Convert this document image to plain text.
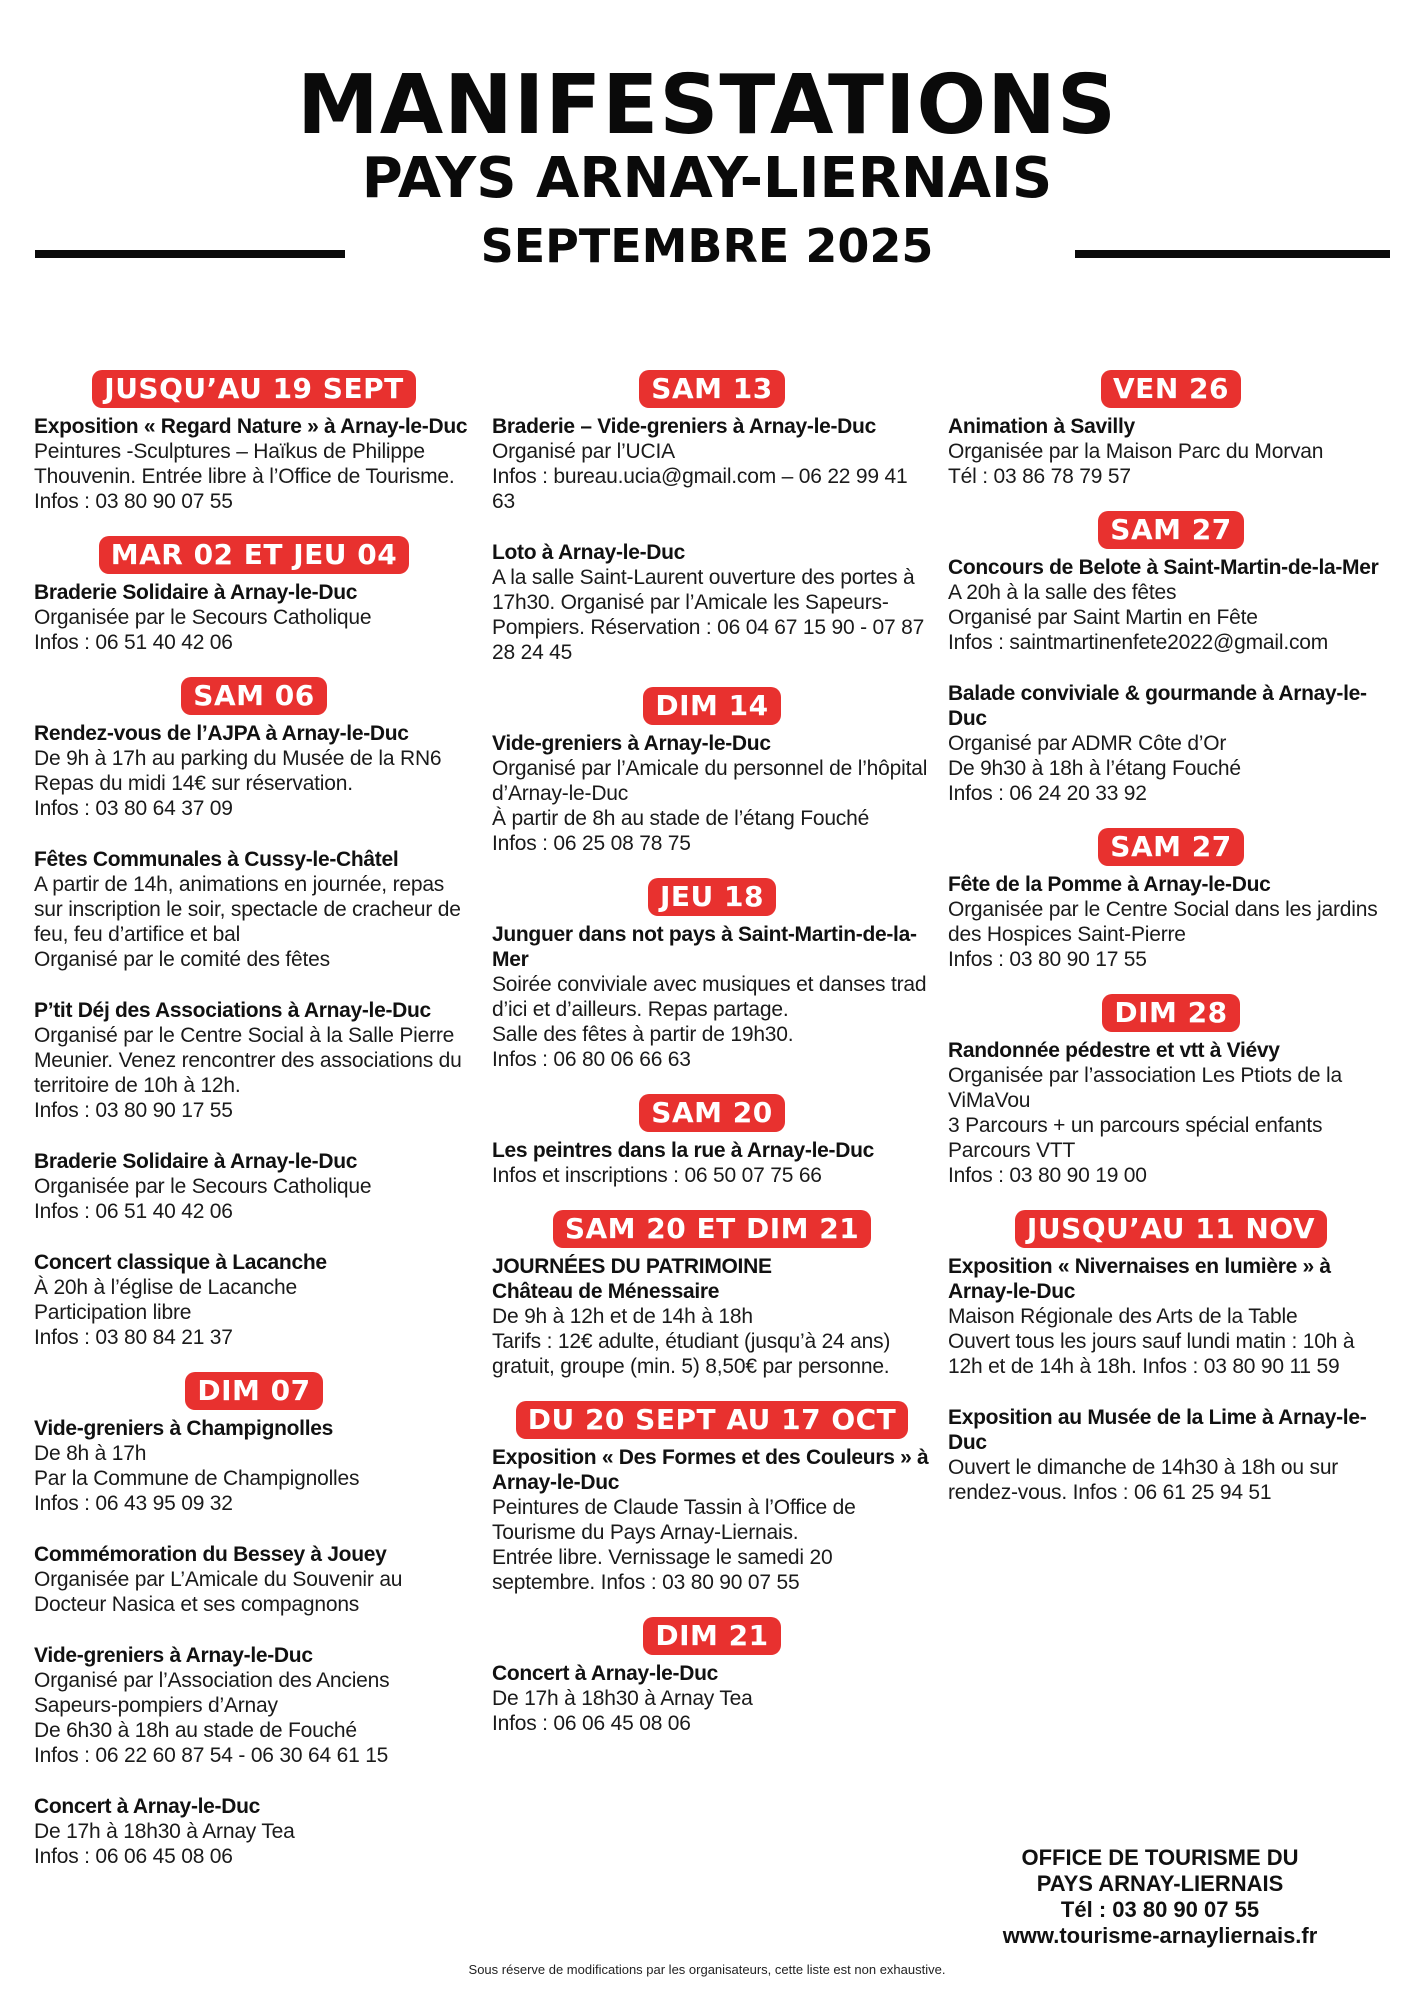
MANIFESTATIONS
PAYS ARNAY-LIERNAIS
SEPTEMBRE 2025
JUSQU’AU 19 SEPT
Exposition « Regard Nature » à Arnay-le-Duc
Peintures -Sculptures – Haïkus de Philippe Thouvenin. Entrée libre à l’Office de Tourisme. Infos : 03 80 90 07 55
MAR 02 ET JEU 04
Braderie Solidaire à Arnay-le-Duc
Organisée par le Secours Catholique
Infos : 06 51 40 42 06
SAM 06
Rendez-vous de l’AJPA à Arnay-le-Duc
De 9h à 17h au parking du Musée de la RN6
Repas du midi 14€ sur réservation.
Infos : 03 80 64 37 09
Fêtes Communales à Cussy-le-Châtel
A partir de 14h, animations en journée, repas sur inscription le soir, spectacle de cracheur de feu, feu d’artifice et bal
Organisé par le comité des fêtes
P’tit Déj des Associations à Arnay-le-Duc
Organisé par le Centre Social à la Salle Pierre Meunier. Venez rencontrer des associations du territoire de 10h à 12h.
Infos : 03 80 90 17 55
Braderie Solidaire à Arnay-le-Duc
Organisée par le Secours Catholique
Infos : 06 51 40 42 06
Concert classique à Lacanche
À 20h à l’église de Lacanche
Participation libre
Infos : 03 80 84 21 37
DIM 07
Vide-greniers à Champignolles
De 8h à 17h
Par la Commune de Champignolles
Infos : 06 43 95 09 32
Commémoration du Bessey à Jouey
Organisée par L’Amicale du Souvenir au Docteur Nasica et ses compagnons
Vide-greniers à Arnay-le-Duc
Organisé par l’Association des Anciens Sapeurs-pompiers d’Arnay
De 6h30 à 18h au stade de Fouché
Infos : 06 22 60 87 54 - 06 30 64 61 15
Concert à Arnay-le-Duc
De 17h à 18h30 à Arnay Tea
Infos : 06 06 45 08 06
SAM 13
Braderie – Vide-greniers à Arnay-le-Duc
Organisé par l’UCIA
Infos : bureau.ucia@gmail.com – 06 22 99 41 63
Loto à Arnay-le-Duc
A la salle Saint-Laurent ouverture des portes à 17h30. Organisé par l’Amicale les Sapeurs-Pompiers. Réservation : 06 04 67 15 90 - 07 87 28 24 45
DIM 14
Vide-greniers à Arnay-le-Duc
Organisé par l’Amicale du personnel de l’hôpital d’Arnay-le-Duc
À partir de 8h au stade de l’étang Fouché
Infos : 06 25 08 78 75
JEU 18
Junguer dans not pays à Saint-Martin-de-la-Mer
Soirée conviviale avec musiques et danses trad d’ici et d’ailleurs. Repas partage.
Salle des fêtes à partir de 19h30.
Infos : 06 80 06 66 63
SAM 20
Les peintres dans la rue à Arnay-le-Duc
Infos et inscriptions : 06 50 07 75 66
SAM 20 ET DIM 21
JOURNÉES DU PATRIMOINE
Château de Ménessaire
De 9h à 12h et de 14h à 18h
Tarifs : 12€ adulte, étudiant (jusqu’à 24 ans) gratuit, groupe (min. 5) 8,50€ par personne.
DU 20 SEPT AU 17 OCT
Exposition « Des Formes et des Couleurs » à Arnay-le-Duc
Peintures de Claude Tassin à l’Office de Tourisme du Pays Arnay-Liernais.
Entrée libre. Vernissage le samedi 20 septembre. Infos : 03 80 90 07 55
DIM 21
Concert à Arnay-le-Duc
De 17h à 18h30 à Arnay Tea
Infos : 06 06 45 08 06
VEN 26
Animation à Savilly
Organisée par la Maison Parc du Morvan
Tél : 03 86 78 79 57
SAM 27
Concours de Belote à Saint-Martin-de-la-Mer
A 20h à la salle des fêtes
Organisé par Saint Martin en Fête
Infos : saintmartinenfete2022@gmail.com
Balade conviviale & gourmande à Arnay-le-Duc
Organisé par ADMR Côte d’Or
De 9h30 à 18h à l’étang Fouché
Infos : 06 24 20 33 92
SAM 27
Fête de la Pomme à Arnay-le-Duc
Organisée par le Centre Social dans les jardins des Hospices Saint-Pierre
Infos : 03 80 90 17 55
DIM 28
Randonnée pédestre et vtt à Viévy
Organisée par l’association Les Ptiots de la ViMaVou
3 Parcours + un parcours spécial enfants
Parcours VTT
Infos : 03 80 90 19 00
JUSQU’AU 11 NOV
Exposition « Nivernaises en lumière » à Arnay-le-Duc
Maison Régionale des Arts de la Table
Ouvert tous les jours sauf lundi matin : 10h à 12h et de 14h à 18h. Infos : 03 80 90 11 59
Exposition au Musée de la Lime à Arnay-le-Duc
Ouvert le dimanche de 14h30 à 18h ou sur rendez-vous. Infos : 06 61 25 94 51
OFFICE DE TOURISME DU
PAYS ARNAY-LIERNAIS
Tél : 03 80 90 07 55
www.tourisme-arnayliernais.fr
Sous réserve de modifications par les organisateurs, cette liste est non exhaustive.
